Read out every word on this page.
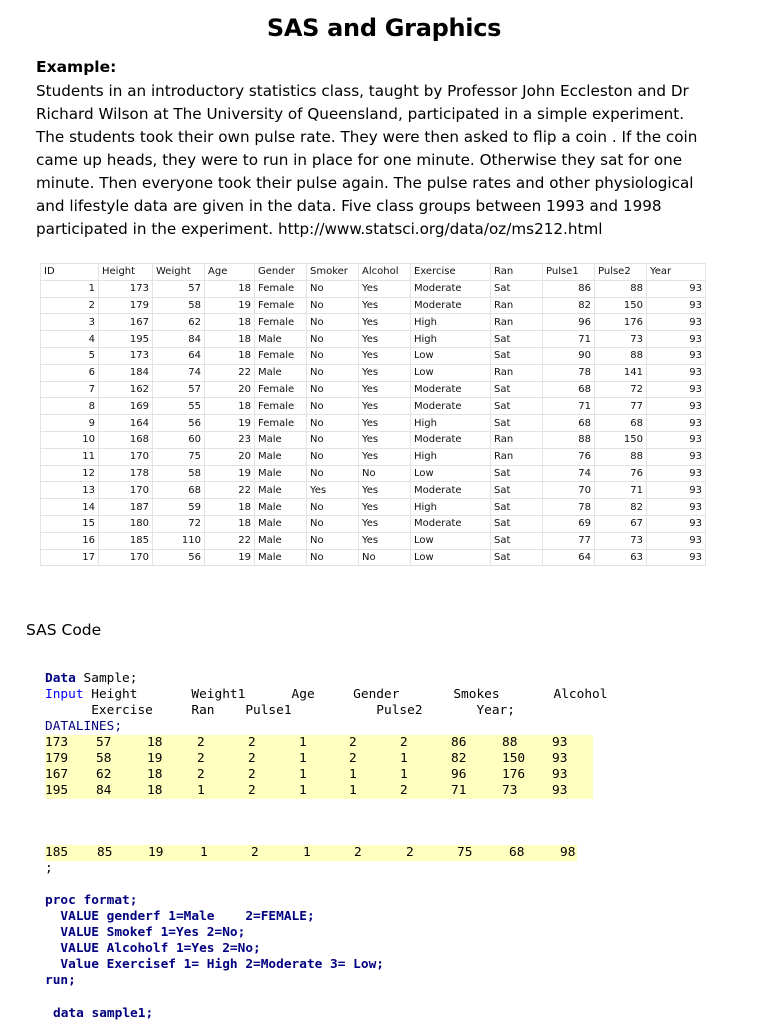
SAS and Graphics
Example:
Students in an introductory statistics class, taught by Professor John Eccleston and Dr
Richard Wilson at The University of Queensland, participated in a simple experiment.
The students took their own pulse rate. They were then asked to flip a coin . If the coin
came up heads, they were to run in place for one minute. Otherwise they sat for one
minute. Then everyone took their pulse again. The pulse rates and other physiological
and lifestyle data are given in the data. Five class groups between 1993 and 1998
participated in the experiment. http://www.statsci.org/data/oz/ms212.html
ID	Height	Weight	Age	Gender	Smoker	Alcohol	Exercise	Ran	Pulse1	Pulse2	Year
1	173	57	18	Female	No	Yes	Moderate	Sat	86	88	93
2	179	58	19	Female	No	Yes	Moderate	Ran	82	150	93
3	167	62	18	Female	No	Yes	High	Ran	96	176	93
4	195	84	18	Male	No	Yes	High	Sat	71	73	93
5	173	64	18	Female	No	Yes	Low	Sat	90	88	93
6	184	74	22	Male	No	Yes	Low	Ran	78	141	93
7	162	57	20	Female	No	Yes	Moderate	Sat	68	72	93
8	169	55	18	Female	No	Yes	Moderate	Sat	71	77	93
9	164	56	19	Female	No	Yes	High	Sat	68	68	93
10	168	60	23	Male	No	Yes	Moderate	Ran	88	150	93
11	170	75	20	Male	No	Yes	High	Ran	76	88	93
12	178	58	19	Male	No	No	Low	Sat	74	76	93
13	170	68	22	Male	Yes	Yes	Moderate	Sat	70	71	93
14	187	59	18	Male	No	Yes	High	Sat	78	82	93
15	180	72	18	Male	No	Yes	Moderate	Sat	69	67	93
16	185	110	22	Male	No	Yes	Low	Sat	77	73	93
17	170	56	19	Male	No	No	Low	Sat	64	63	93
SAS Code
Data Sample;
Input Height       Weight1      Age     Gender       Smokes       Alcohol
Exercise     Ran    Pulse1           Pulse2       Year;
DATALINES;
173 57	18	2	2	1	2	2	86	88	93
179 58	19	2	2	1	2	1	82	150 93
167 62	18	2	2	1	1	1	96	176 93
195 84	18	1	2	1	1	2	71	73	93
185 85	19	1	2	1	2	2	75	68	98
;
proc format;
VALUE genderf 1=Male    2=FEMALE;
VALUE Smokef 1=Yes 2=No;
VALUE Alcoholf 1=Yes 2=No;
Value Exercisef 1= High 2=Moderate 3= Low;
run;
data sample1;
